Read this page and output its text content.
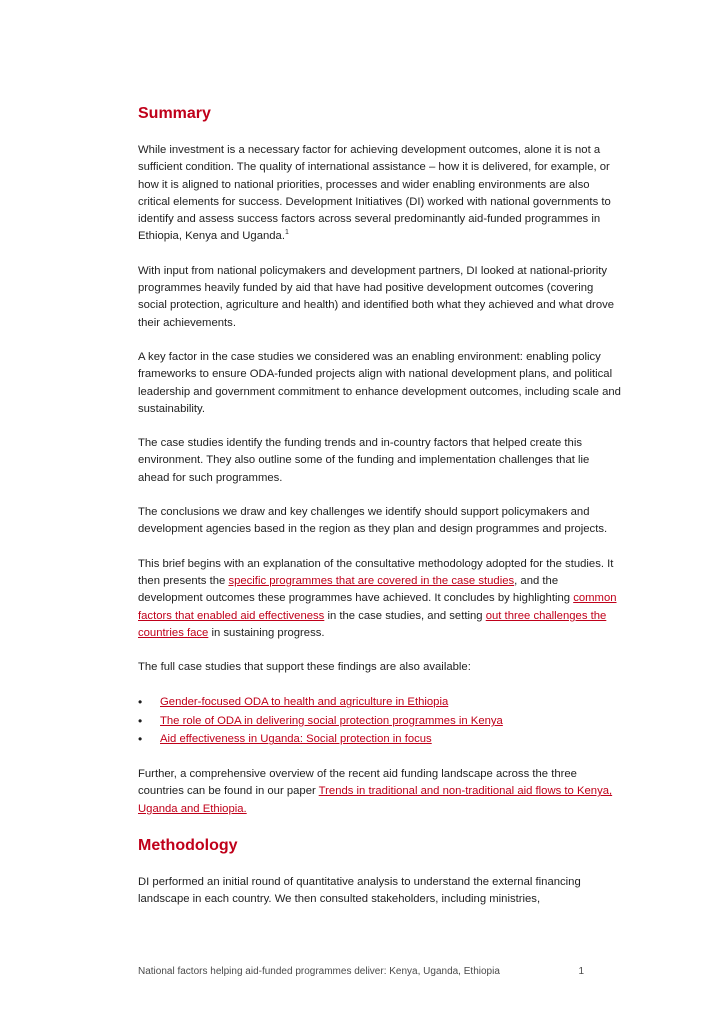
Summary

While investment is a necessary factor for achieving development outcomes, alone it is not a sufficient condition. The quality of international assistance – how it is delivered, for example, or how it is aligned to national priorities, processes and wider enabling environments are also critical elements for success. Development Initiatives (DI) worked with national governments to identify and assess success factors across several predominantly aid-funded programmes in Ethiopia, Kenya and Uganda.$^1$

With input from national policymakers and development partners, DI looked at national-priority programmes heavily funded by aid that have had positive development outcomes (covering social protection, agriculture and health) and identified both what they achieved and what drove their achievements.

A key factor in the case studies we considered was an enabling environment: enabling policy frameworks to ensure ODA-funded projects align with national development plans, and political leadership and government commitment to enhance development outcomes, including scale and sustainability.

The case studies identify the funding trends and in-country factors that helped create this environment. They also outline some of the funding and implementation challenges that lie ahead for such programmes.

The conclusions we draw and key challenges we identify should support policymakers and development agencies based in the region as they plan and design programmes and projects.

This brief begins with an explanation of the consultative methodology adopted for the studies. It then presents the specific programmes that are covered in the case studies, and the development outcomes these programmes have achieved. It concludes by highlighting common factors that enabled aid effectiveness in the case studies, and setting out three challenges the countries face in sustaining progress.

The full case studies that support these findings are also available:

• Gender-focused ODA to health and agriculture in Ethiopia
• The role of ODA in delivering social protection programmes in Kenya
• Aid effectiveness in Uganda: Social protection in focus

Further, a comprehensive overview of the recent aid funding landscape across the three countries can be found in our paper Trends in traditional and non-traditional aid flows to Kenya, Uganda and Ethiopia.

Methodology

DI performed an initial round of quantitative analysis to understand the external financing landscape in each country. We then consulted stakeholders, including ministries,

National factors helping aid-funded programmes deliver: Kenya, Uganda, Ethiopia	1
